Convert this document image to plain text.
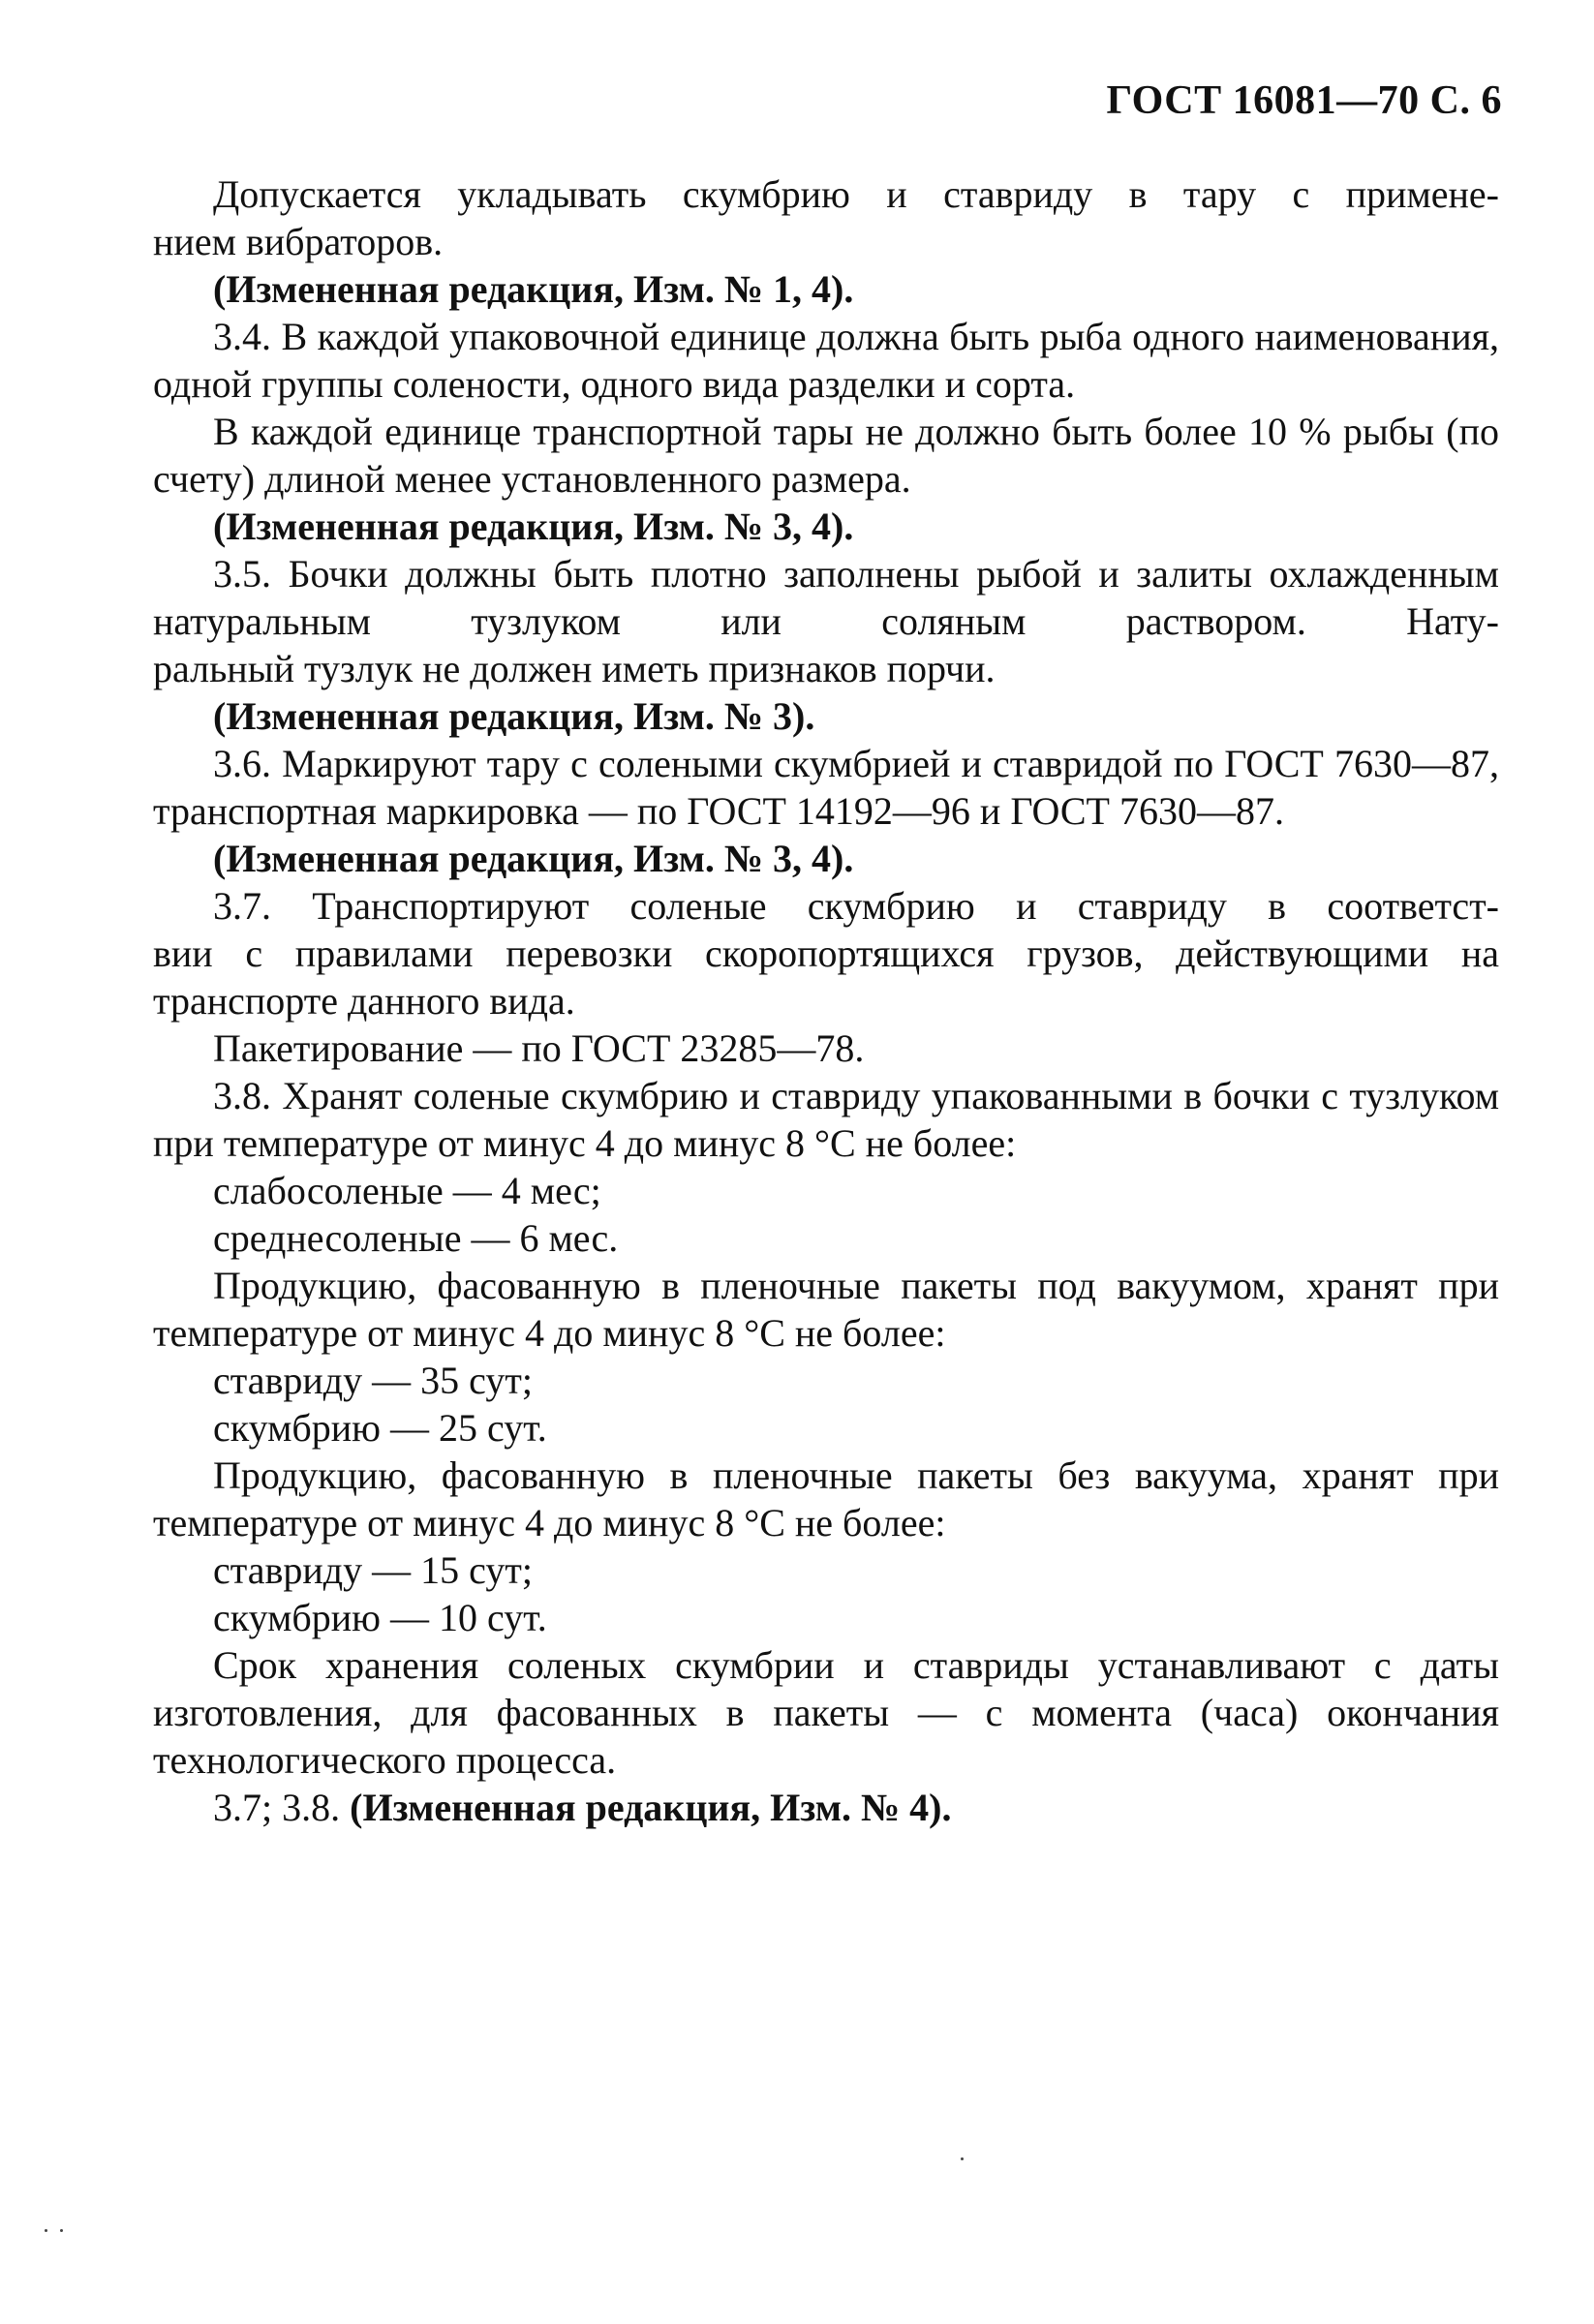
ГОСТ 16081—70 С. 6

Допускается укладывать скумбрию и ставриду в тару с примене-

нием вибраторов.

(Измененная редакция, Изм. № 1, 4).

3.4. В каждой упаковочной единице должна быть рыба одного наименования, одной группы солености, одного вида разделки и сорта.

В каждой единице транспортной тары не должно быть более 10 % рыбы (по счету) длиной менее установленного размера.

(Измененная редакция, Изм. № 3, 4).

3.5. Бочки должны быть плотно заполнены рыбой и залиты охлажденным натуральным тузлуком или соляным раствором. Нату-

ральный тузлук не должен иметь признаков порчи.

(Измененная редакция, Изм. № 3).

3.6. Маркируют тару с солеными скумбрией и ставридой по ГОСТ 7630—87, транспортная маркировка — по ГОСТ 14192—96 и ГОСТ 7630—87.

(Измененная редакция, Изм. № 3, 4).

3.7. Транспортируют соленые скумбрию и ставриду в соответст-

вии с правилами перевозки скоропортящихся грузов, действующими на транспорте данного вида.

Пакетирование — по ГОСТ 23285—78.

3.8. Хранят соленые скумбрию и ставриду упакованными в бочки с тузлуком при температуре от минус 4 до минус 8 °С не более:

слабосоленые — 4 мес;

среднесоленые — 6 мес.

Продукцию, фасованную в пленочные пакеты под вакуумом, хранят при температуре от минус 4 до минус 8 °С не более:

ставриду — 35 сут;

скумбрию — 25 сут.

Продукцию, фасованную в пленочные пакеты без вакуума, хранят при температуре от минус 4 до минус 8 °С не более:

ставриду — 15 сут;

скумбрию — 10 сут.

Срок хранения соленых скумбрии и ставриды устанавливают с даты изготовления, для фасованных в пакеты — с момента (часа) окончания технологического процесса.

3.7; 3.8. (Измененная редакция, Изм. № 4).
